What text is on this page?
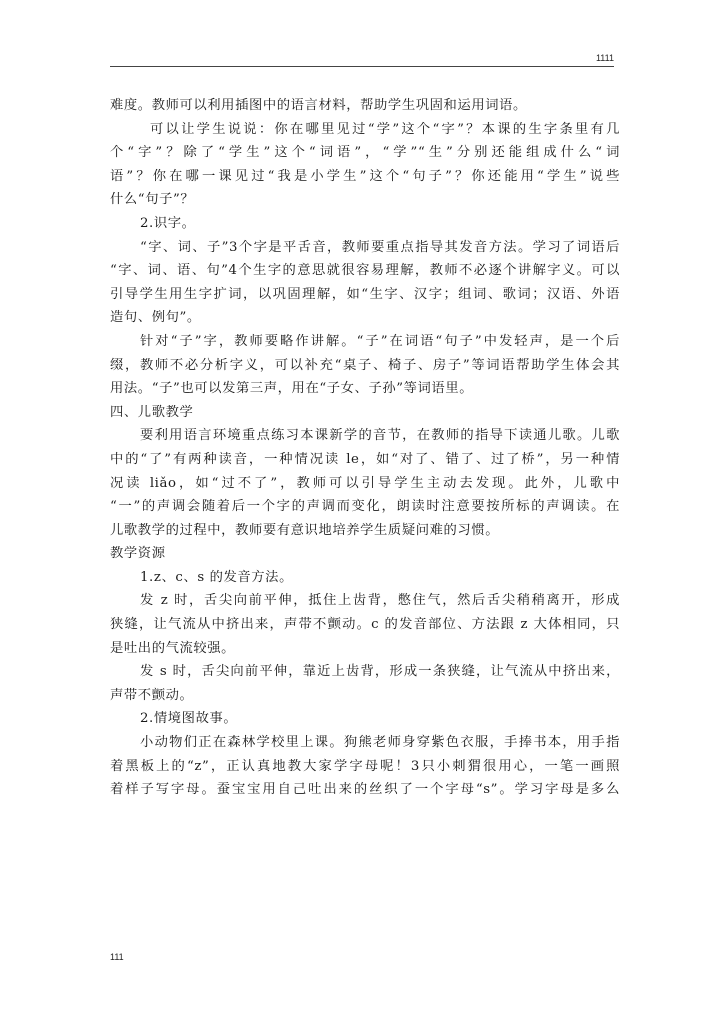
1111
难度。教师可以利用插图中的语言材料，帮助学生巩固和运用词语。
可以让学生说说：你在哪里见过“学”这个“字”？本课的生字条里有几
个“字”？除了“学生”这个“词语”，“学”“生”分别还能组成什么“词
语”？你在哪一课见过“我是小学生”这个“句子”？你还能用“学生”说些
什么“句子”？
2.识字。
“字、词、子”3个字是平舌音，教师要重点指导其发音方法。学习了词语后
“字、词、语、句”4个生字的意思就很容易理解，教师不必逐个讲解字义。可以
引导学生用生字扩词，以巩固理解，如“生字、汉字；组词、歌词；汉语、外语
造句、例句”。
针对“子”字，教师要略作讲解。“子”在词语“句子”中发轻声，是一个后
缀，教师不必分析字义，可以补充“桌子、椅子、房子”等词语帮助学生体会其
用法。“子”也可以发第三声，用在“子女、子孙”等词语里。
四、儿歌教学
要利用语言环境重点练习本课新学的音节，在教师的指导下读通儿歌。儿歌
中的“了”有两种读音，一种情况读 le，如“对了、错了、过了桥”，另一种情
况读 liǎo，如“过不了”，教师可以引导学生主动去发现。此外，儿歌中
“一”的声调会随着后一个字的声调而变化，朗读时注意要按所标的声调读。在
儿歌教学的过程中，教师要有意识地培养学生质疑问难的习惯。
教学资源
1.z、c、s 的发音方法。
发 z 时，舌尖向前平伸，抵住上齿背，憋住气，然后舌尖稍稍离开，形成
狭缝，让气流从中挤出来，声带不颤动。c 的发音部位、方法跟 z 大体相同，只
是吐出的气流较强。
发 s 时，舌尖向前平伸，靠近上齿背，形成一条狭缝，让气流从中挤出来，
声带不颤动。
2.情境图故事。
小动物们正在森林学校里上课。狗熊老师身穿紫色衣服，手捧书本，用手指
着黑板上的“z”，正认真地教大家学字母呢！3只小刺猬很用心，一笔一画照
着样子写字母。蚕宝宝用自己吐出来的丝织了一个字母“s”。学习字母是多么
111
